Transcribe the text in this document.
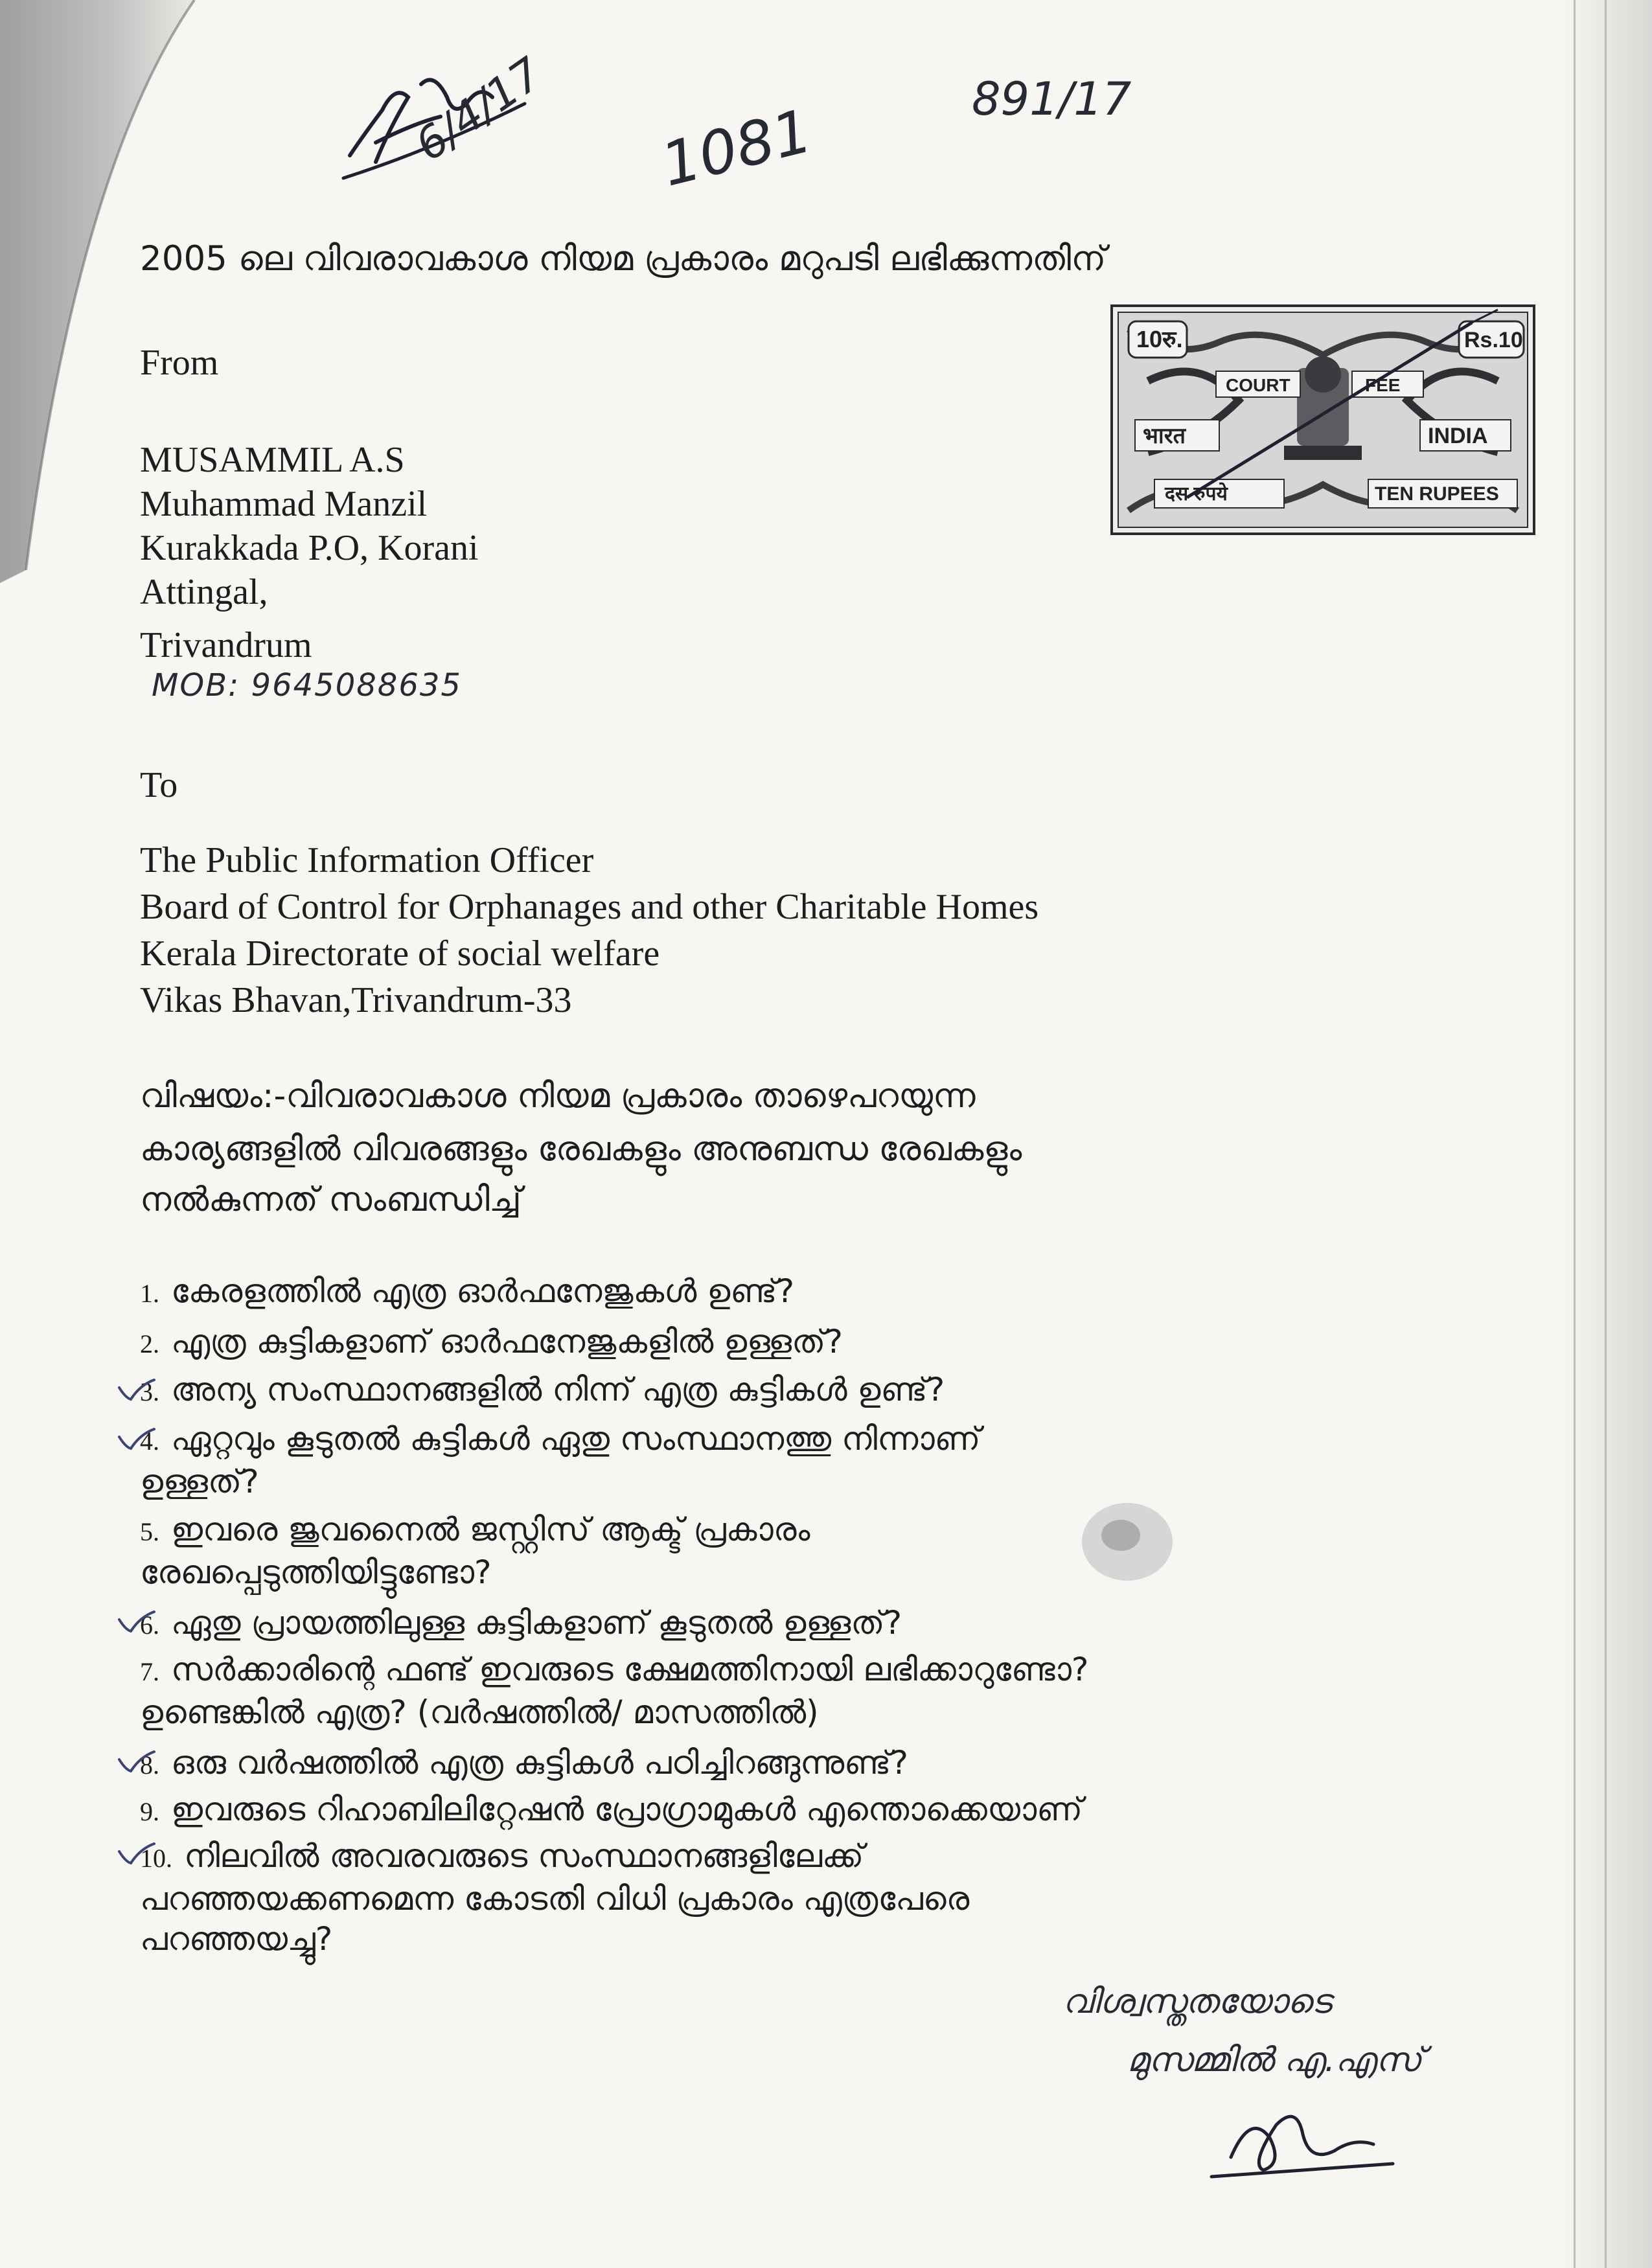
6/4/17 1081	891/17
2005 ലെ വിവരാവകാശ നിയമ പ്രകാരം മറുപടി ലഭിക്കുന്നതിന്
10रु.	Rs.10
COURT	FEE
भारत	INDIA
दस रुपये	TEN RUPEES
From
MUSAMMIL A.S
Muhammad Manzil
Kurakkada P.O, Korani
Attingal,
Trivandrum
MOB: 9645088635
To
The Public Information Officer
Board of Control for Orphanages and other Charitable Homes
Kerala Directorate of social welfare
Vikas Bhavan,Trivandrum-33
വിഷയം:-വിവരാവകാശ നിയമ പ്രകാരം താഴെപറയുന്ന
കാര്യങ്ങളിൽ വിവരങ്ങളും രേഖകളും അനുബന്ധ രേഖകളും
നൽകുന്നത് സംബന്ധിച്ച്
1. കേരളത്തിൽ എത്ര ഓർഫനേജുകൾ ഉണ്ട്?
2. എത്ര കുട്ടികളാണ് ഓർഫനേജുകളിൽ ഉള്ളത്?
3. അന്യ സംസ്ഥാനങ്ങളിൽ നിന്ന് എത്ര കുട്ടികൾ ഉണ്ട്?
4. ഏറ്റവും കൂടുതൽ കുട്ടികൾ ഏതു സംസ്ഥാനത്തു നിന്നാണ്
ഉള്ളത്?
5. ഇവരെ ജുവനൈൽ ജസ്റ്റിസ് ആക്ട് പ്രകാരം
രേഖപ്പെടുത്തിയിട്ടുണ്ടോ?
6. ഏതു പ്രായത്തിലുള്ള കുട്ടികളാണ് കൂടുതൽ ഉള്ളത്?
7. സർക്കാരിന്റെ ഫണ്ട് ഇവരുടെ ക്ഷേമത്തിനായി ലഭിക്കാറുണ്ടോ?
ഉണ്ടെങ്കിൽ എത്ര? (വർഷത്തിൽ/ മാസത്തിൽ)
8. ഒരു വർഷത്തിൽ എത്ര കുട്ടികൾ പഠിച്ചിറങ്ങുന്നുണ്ട്?
9. ഇവരുടെ റിഹാബിലിറ്റേഷൻ പ്രോഗ്രാമുകൾ എന്തൊക്കെയാണ്
10. നിലവിൽ അവരവരുടെ സംസ്ഥാനങ്ങളിലേക്ക്
പറഞ്ഞയക്കണമെന്ന കോടതി വിധി പ്രകാരം എത്രപേരെ
പറഞ്ഞയച്ചു?
വിശ്വസ്തതയോടെ
മുസമ്മിൽ എ.എസ്
